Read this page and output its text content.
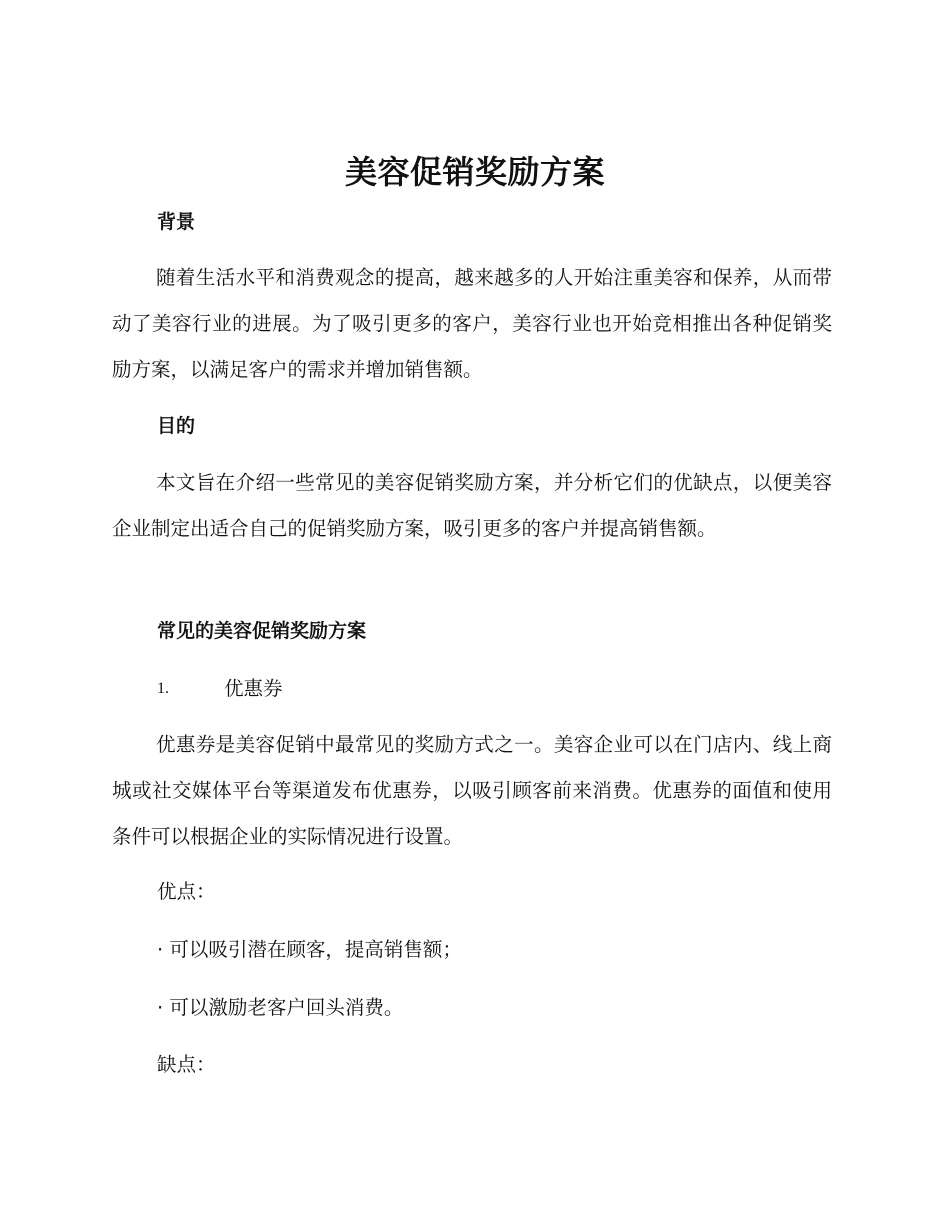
美容促销奖励方案
背景
随着生活水平和消费观念的提高，越来越多的人开始注重美容和保养，从而带动了美容行业的进展。为了吸引更多的客户，美容行业也开始竞相推出各种促销奖励方案，以满足客户的需求并增加销售额。
目的
本文旨在介绍一些常见的美容促销奖励方案，并分析它们的优缺点，以便美容企业制定出适合自己的促销奖励方案，吸引更多的客户并提高销售额。
常见的美容促销奖励方案
1.	优惠券
优惠券是美容促销中最常见的奖励方式之一。美容企业可以在门店内、线上商城或社交媒体平台等渠道发布优惠券，以吸引顾客前来消费。优惠券的面值和使用条件可以根据企业的实际情况进行设置。
优点：
· 可以吸引潜在顾客，提高销售额；
· 可以激励老客户回头消费。
缺点：
